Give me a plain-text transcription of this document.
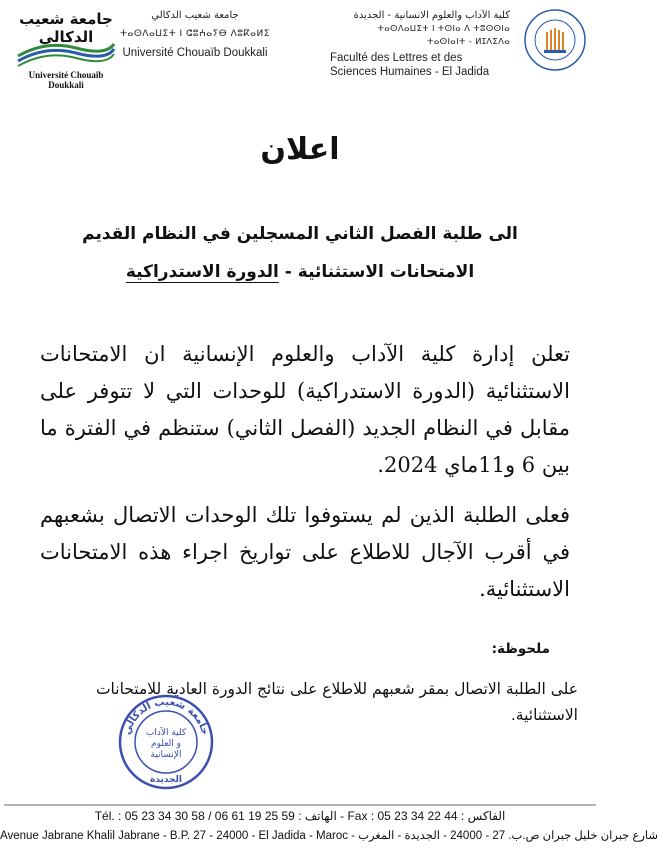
جامعة شعيب الدكالي
Université Chouaïb Doukkali
جامعة شعيب الدكالي
ⵜⴰⵙⴷⴰⵡⵉⵜ ⵏ ⵛⵓⵄⴰⵢⴱ ⴷⵓⴽⴰⵍⵉ
Université Chouaïb Doukkali
كلية الآداب والعلوم الانسانية - الجديدة
ⵜⴰⵙⴷⴰⵡⵉⵜ ⵏ ⵜⵙⵏⴰ ⴷ ⵜⵓⵙⵙⵏⴰ
ⵜⴰⵙⵏⴰⵏⵜ - ⵍⵊⴷⵉⴷⴰ
Faculté des Lettres et des
Sciences Humaines - El Jadida
اعلان
الى طلبة الفصل الثاني المسجلين في النظام القديم
الامتحانات الاستثنائية - الدورة الاستدراكية
تعلن إدارة كلية الآداب والعلوم الإنسانية ان الامتحانات الاستثنائية (الدورة الاستدراكية) للوحدات التي لا تتوفر على مقابل في النظام الجديد (الفصل الثاني) ستنظم في الفترة ما بين 6 و11ماي 2024.
فعلى الطلبة الذين لم يستوفوا تلك الوحدات الاتصال بشعبهم في أقرب الآجال للاطلاع على تواريخ اجراء هذه الامتحانات الاستثنائية.
ملحوظة:
على الطلبة الاتصال بمقر شعبهم للاطلاع على نتائج الدورة العادية للامتحانات الاستثنائية.
جامعة شعيب الدكالي
كلية الآداب
و العلوم
الإنسانية
الجديدة
Tél. : 05 23 34 30 58 / 06 61 19 25 59 : الهاتف - Fax : 05 23 34 22 44 : الفاكس
Avenue Jabrane Khalil Jabrane - B.P. 27 - 24000 - El Jadida - Maroc - شارع جبران خليل جبران ص.ب. 27 - 24000 - الجديدة - المغرب
